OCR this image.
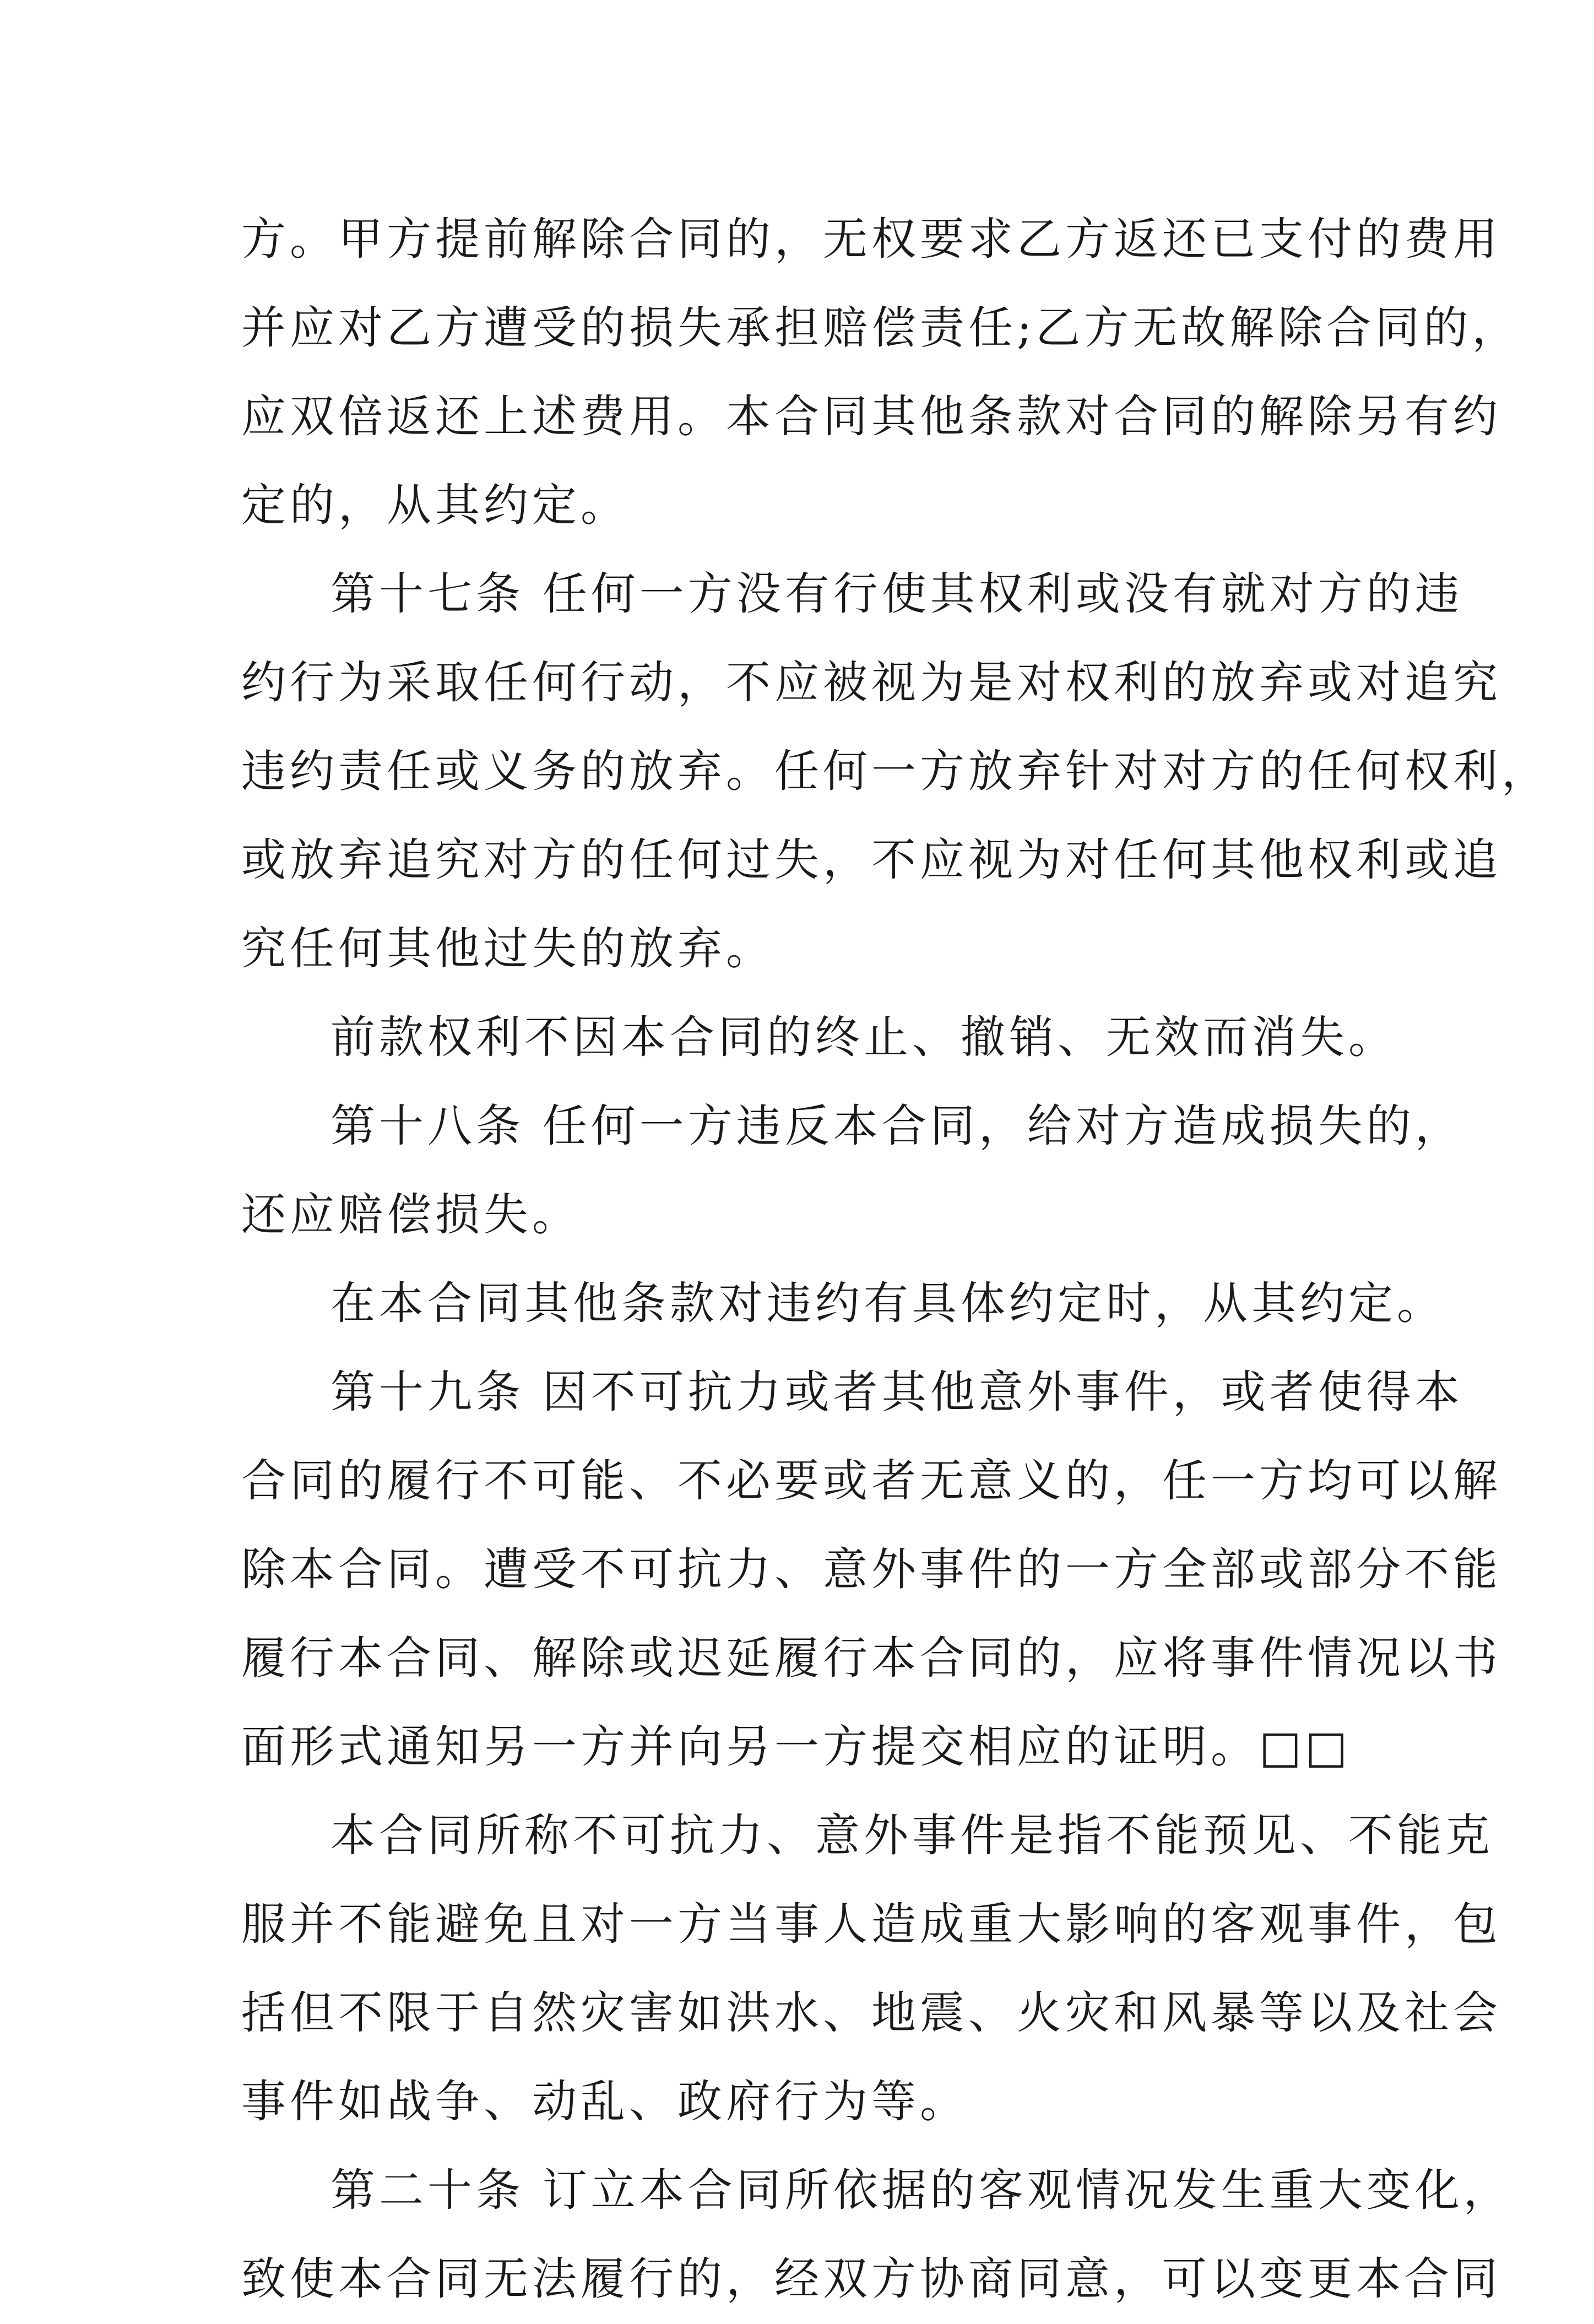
方。甲方提前解除合同的，无权要求乙方返还已支付的费用
并应对乙方遭受的损失承担赔偿责任;乙方无故解除合同的，
应双倍返还上述费用。本合同其他条款对合同的解除另有约
定的，从其约定。
第十七条 任何一方没有行使其权利或没有就对方的违
约行为采取任何行动，不应被视为是对权利的放弃或对追究
违约责任或义务的放弃。任何一方放弃针对对方的任何权利，
或放弃追究对方的任何过失，不应视为对任何其他权利或追
究任何其他过失的放弃。
前款权利不因本合同的终止、撤销、无效而消失。
第十八条 任何一方违反本合同，给对方造成损失的，
还应赔偿损失。
在本合同其他条款对违约有具体约定时，从其约定。
第十九条 因不可抗力或者其他意外事件，或者使得本
合同的履行不可能、不必要或者无意义的，任一方均可以解
除本合同。遭受不可抗力、意外事件的一方全部或部分不能
履行本合同、解除或迟延履行本合同的，应将事件情况以书
面形式通知另一方并向另一方提交相应的证明。□□
本合同所称不可抗力、意外事件是指不能预见、不能克
服并不能避免且对一方当事人造成重大影响的客观事件，包
括但不限于自然灾害如洪水、地震、火灾和风暴等以及社会
事件如战争、动乱、政府行为等。
第二十条 订立本合同所依据的客观情况发生重大变化，
致使本合同无法履行的，经双方协商同意，可以变更本合同
